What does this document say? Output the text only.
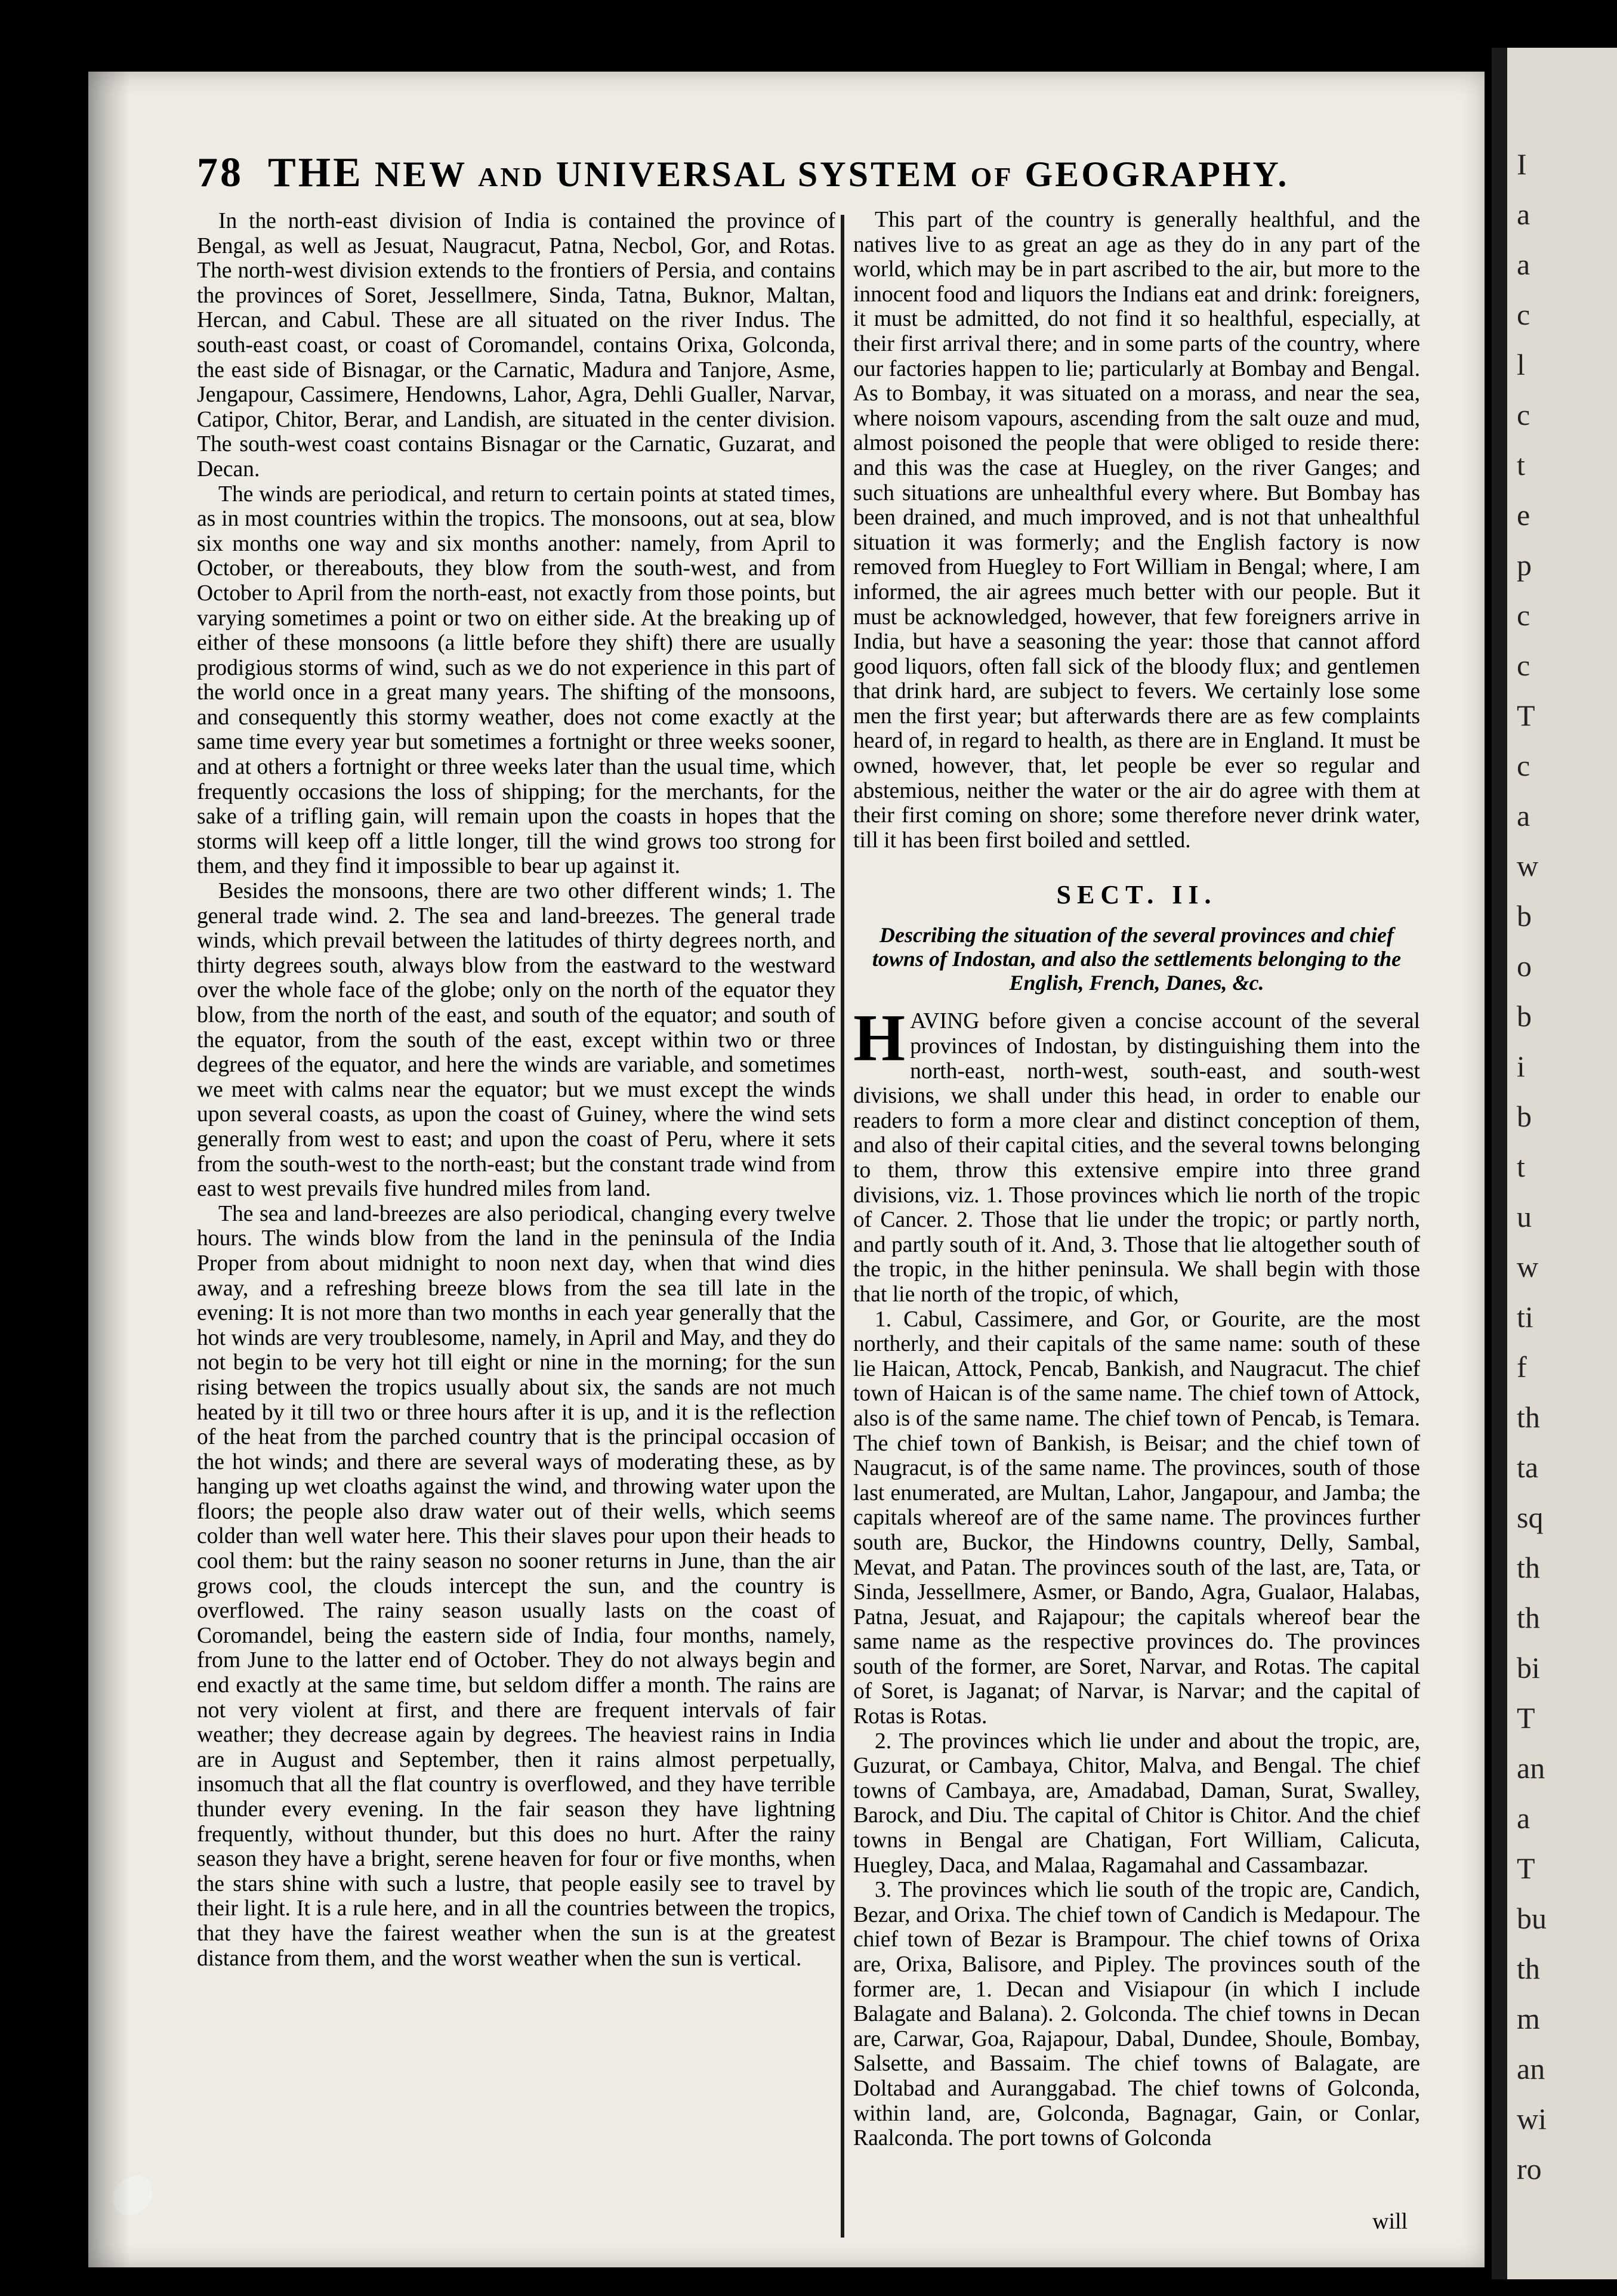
I
a
a
c
l
c
t
e
p
c
c
T
c
a
w
b
o
b
i
b
t
u
w
ti
f
th
ta
sq
th
th
bi
T
an
a
T
bu
th
m
an
wi
ro
78 THE NEW AND UNIVERSAL SYSTEM OF GEOGRAPHY.

In the north-east division of India is contained the province of Bengal, as well as Jesuat, Naugracut, Patna, Necbol, Gor, and Rotas. The north-west division extends to the frontiers of Persia, and contains the provinces of Soret, Jessellmere, Sinda, Tatna, Buknor, Maltan, Hercan, and Cabul. These are all situated on the river Indus. The south-east coast, or coast of Coromandel, contains Orixa, Golconda, the east side of Bisnagar, or the Carnatic, Madura and Tanjore, Asme, Jengapour, Cassimere, Hendowns, Lahor, Agra, Dehli Gualler, Narvar, Catipor, Chitor, Berar, and Landish, are situated in the center division. The south-west coast contains Bisnagar or the Carnatic, Guzarat, and Decan.

The winds are periodical, and return to certain points at stated times, as in most countries within the tropics. The monsoons, out at sea, blow six months one way and six months another: namely, from April to October, or thereabouts, they blow from the south-west, and from October to April from the north-east, not exactly from those points, but varying sometimes a point or two on either side. At the breaking up of either of these monsoons (a little before they shift) there are usually prodigious storms of wind, such as we do not experience in this part of the world once in a great many years. The shifting of the monsoons, and consequently this stormy weather, does not come exactly at the same time every year but sometimes a fortnight or three weeks sooner, and at others a fortnight or three weeks later than the usual time, which frequently occasions the loss of shipping; for the merchants, for the sake of a trifling gain, will remain upon the coasts in hopes that the storms will keep off a little longer, till the wind grows too strong for them, and they find it impossible to bear up against it.

Besides the monsoons, there are two other different winds; 1. The general trade wind. 2. The sea and land-breezes. The general trade winds, which prevail between the latitudes of thirty degrees north, and thirty degrees south, always blow from the eastward to the westward over the whole face of the globe; only on the north of the equator they blow, from the north of the east, and south of the equator; and south of the equator, from the south of the east, except within two or three degrees of the equator, and here the winds are variable, and sometimes we meet with calms near the equator; but we must except the winds upon several coasts, as upon the coast of Guiney, where the wind sets generally from west to east; and upon the coast of Peru, where it sets from the south-west to the north-east; but the constant trade wind from east to west prevails five hundred miles from land.

The sea and land-breezes are also periodical, changing every twelve hours. The winds blow from the land in the peninsula of the India Proper from about midnight to noon next day, when that wind dies away, and a refreshing breeze blows from the sea till late in the evening: It is not more than two months in each year generally that the hot winds are very troublesome, namely, in April and May, and they do not begin to be very hot till eight or nine in the morning; for the sun rising between the tropics usually about six, the sands are not much heated by it till two or three hours after it is up, and it is the reflection of the heat from the parched country that is the principal occasion of the hot winds; and there are several ways of moderating these, as by hanging up wet cloaths against the wind, and throwing water upon the floors; the people also draw water out of their wells, which seems colder than well water here. This their slaves pour upon their heads to cool them: but the rainy season no sooner returns in June, than the air grows cool, the clouds intercept the sun, and the country is overflowed. The rainy season usually lasts on the coast of Coromandel, being the eastern side of India, four months, namely, from June to the latter end of October. They do not always begin and end exactly at the same time, but seldom differ a month. The rains are not very violent at first, and there are frequent intervals of fair weather; they decrease again by degrees. The heaviest rains in India are in August and September, then it rains almost perpetually, insomuch that all the flat country is overflowed, and they have terrible thunder every evening. In the fair season they have lightning frequently, without thunder, but this does no hurt. After the rainy season they have a bright, serene heaven for four or five months, when the stars shine with such a lustre, that people easily see to travel by their light. It is a rule here, and in all the countries between the tropics, that they have the fairest weather when the sun is at the greatest distance from them, and the worst weather when the sun is vertical.

This part of the country is generally healthful, and the natives live to as great an age as they do in any part of the world, which may be in part ascribed to the air, but more to the innocent food and liquors the Indians eat and drink: foreigners, it must be admitted, do not find it so healthful, especially, at their first arrival there; and in some parts of the country, where our factories happen to lie; particularly at Bombay and Bengal. As to Bombay, it was situated on a morass, and near the sea, where noisom vapours, ascending from the salt ouze and mud, almost poisoned the people that were obliged to reside there: and this was the case at Huegley, on the river Ganges; and such situations are unhealthful every where. But Bombay has been drained, and much improved, and is not that unhealthful situation it was formerly; and the English factory is now removed from Huegley to Fort William in Bengal; where, I am informed, the air agrees much better with our people. But it must be acknowledged, however, that few foreigners arrive in India, but have a seasoning the year: those that cannot afford good liquors, often fall sick of the bloody flux; and gentlemen that drink hard, are subject to fevers. We certainly lose some men the first year; but afterwards there are as few complaints heard of, in regard to health, as there are in England. It must be owned, however, that, let people be ever so regular and abstemious, neither the water or the air do agree with them at their first coming on shore; some therefore never drink water, till it has been first boiled and settled.

SECT. II.
Describing the situation of the several provinces and chief towns of Indostan, and also the settlements belonging to the English, French, Danes, &c.

HAVING before given a concise account of the several provinces of Indostan, by distinguishing them into the north-east, north-west, south-east, and south-west divisions, we shall under this head, in order to enable our readers to form a more clear and distinct conception of them, and also of their capital cities, and the several towns belonging to them, throw this extensive empire into three grand divisions, viz. 1. Those provinces which lie north of the tropic of Cancer. 2. Those that lie under the tropic; or partly north, and partly south of it. And, 3. Those that lie altogether south of the tropic, in the hither peninsula. We shall begin with those that lie north of the tropic, of which,

1. Cabul, Cassimere, and Gor, or Gourite, are the most northerly, and their capitals of the same name: south of these lie Haican, Attock, Pencab, Bankish, and Naugracut. The chief town of Haican is of the same name. The chief town of Attock, also is of the same name. The chief town of Pencab, is Temara. The chief town of Bankish, is Beisar; and the chief town of Naugracut, is of the same name. The provinces, south of those last enumerated, are Multan, Lahor, Jangapour, and Jamba; the capitals whereof are of the same name. The provinces further south are, Buckor, the Hindowns country, Delly, Sambal, Mevat, and Patan. The provinces south of the last, are, Tata, or Sinda, Jessellmere, Asmer, or Bando, Agra, Gualaor, Halabas, Patna, Jesuat, and Rajapour; the capitals whereof bear the same name as the respective provinces do. The provinces south of the former, are Soret, Narvar, and Rotas. The capital of Soret, is Jaganat; of Narvar, is Narvar; and the capital of Rotas is Rotas.

2. The provinces which lie under and about the tropic, are, Guzurat, or Cambaya, Chitor, Malva, and Bengal. The chief towns of Cambaya, are, Amadabad, Daman, Surat, Swalley, Barock, and Diu. The capital of Chitor is Chitor. And the chief towns in Bengal are Chatigan, Fort William, Calicuta, Huegley, Daca, and Malaa, Ragamahal and Cassambazar.

3. The provinces which lie south of the tropic are, Candich, Bezar, and Orixa. The chief town of Candich is Medapour. The chief town of Bezar is Brampour. The chief towns of Orixa are, Orixa, Balisore, and Pipley. The provinces south of the former are, 1. Decan and Visiapour (in which I include Balagate and Balana). 2. Golconda. The chief towns in Decan are, Carwar, Goa, Rajapour, Dabal, Dundee, Shoule, Bombay, Salsette, and Bassaim. The chief towns of Balagate, are Doltabad and Auranggabad. The chief towns of Golconda, within land, are, Golconda, Bagnagar, Gain, or Conlar, Raalconda. The port towns of Golconda

will
